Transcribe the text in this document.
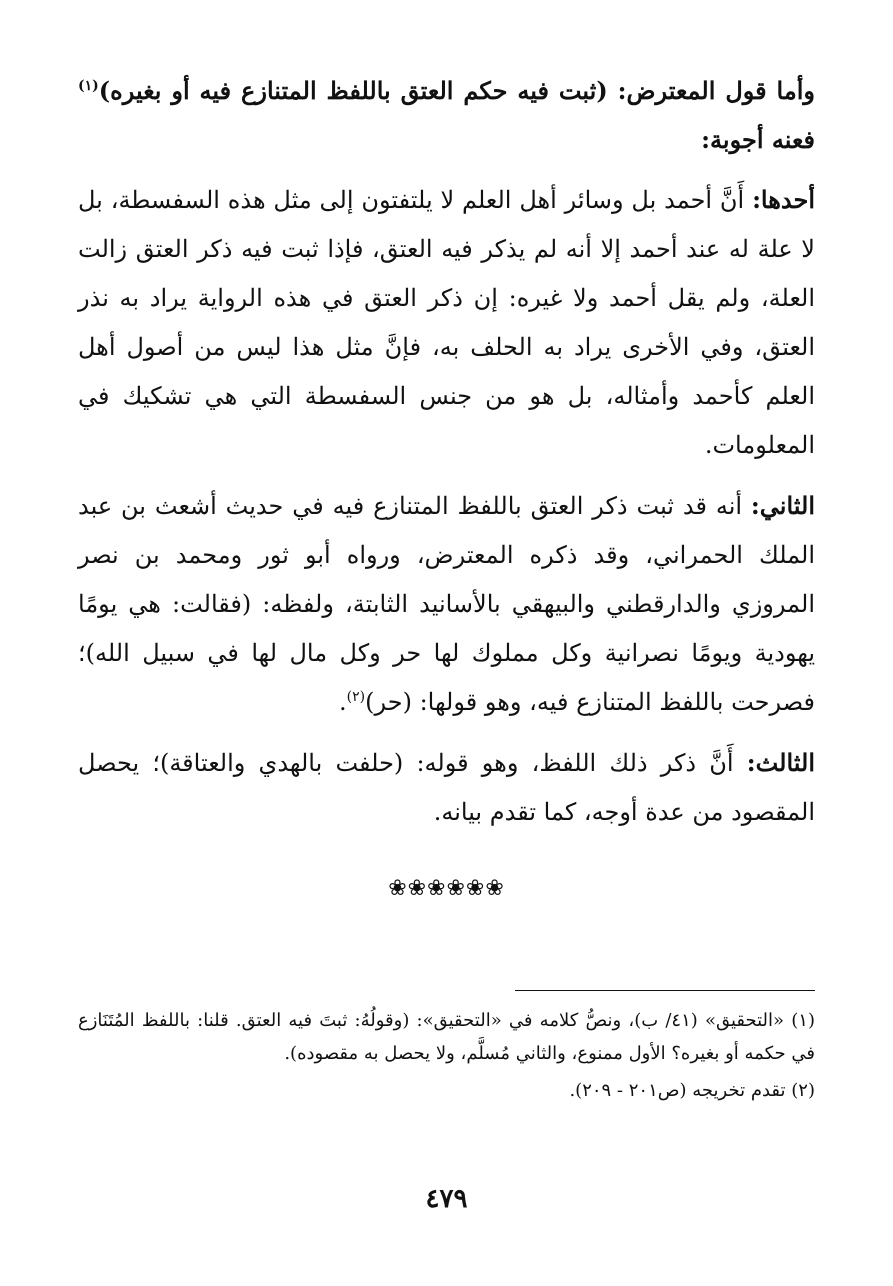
وأما قول المعترض: (ثبت فيه حكم العتق باللفظ المتنازع فيه أو بغيره)$^{(١)}$ فعنه أجوبة:

أحدها: أَنَّ أحمد بل وسائر أهل العلم لا يلتفتون إلى مثل هذه السفسطة، بل لا علة له عند أحمد إلا أنه لم يذكر فيه العتق، فإذا ثبت فيه ذكر العتق زالت العلة، ولم يقل أحمد ولا غيره: إن ذكر العتق في هذه الرواية يراد به نذر العتق، وفي الأخرى يراد به الحلف به، فإنَّ مثل هذا ليس من أصول أهل العلم كأحمد وأمثاله، بل هو من جنس السفسطة التي هي تشكيك في المعلومات.

الثاني: أنه قد ثبت ذكر العتق باللفظ المتنازع فيه في حديث أشعث بن عبد الملك الحمراني، وقد ذكره المعترض، ورواه أبو ثور ومحمد بن نصر المروزي والدارقطني والبيهقي بالأسانيد الثابتة، ولفظه: (فقالت: هي يومًا يهودية ويومًا نصرانية وكل مملوك لها حر وكل مال لها في سبيل الله)؛ فصرحت باللفظ المتنازع فيه، وهو قولها: (حر)$^{(٢)}$.

الثالث: أَنَّ ذكر ذلك اللفظ، وهو قوله: (حلفت بالهدي والعتاقة)؛ يحصل المقصود من عدة أوجه، كما تقدم بيانه.

❀❀❀❀❀❀

(١) «التحقيق» (٤١/ ب)، ونصُّ كلامه في «التحقيق»: (وقولُهُ: ثبتَ فيه العتق. قلنا: باللفظ المُتَنَازع في حكمه أو بغيره؟ الأول ممنوع، والثاني مُسلَّم، ولا يحصل به مقصوده).

(٢) تقدم تخريجه (ص٢٠١ - ٢٠٩).

٤٧٩
